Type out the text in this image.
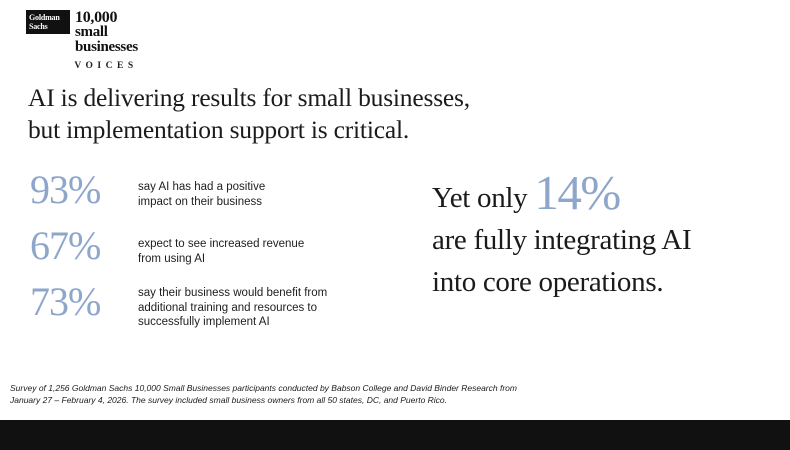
Goldman
Sachs
10,000
small
businesses
VOICES
AI is delivering results for small businesses,
but implementation support is critical.
93%	say AI has had a positive
impact on their business
67%	expect to see increased revenue
from using AI
73%	say their business would benefit from
additional training and resources to
successfully implement AI
Yet only 14%
are fully integrating AI
into core operations.
Survey of 1,256 Goldman Sachs 10,000 Small Businesses participants conducted by Babson College and David Binder Research from
January 27 – February 4, 2026. The survey included small business owners from all 50 states, DC, and Puerto Rico.
